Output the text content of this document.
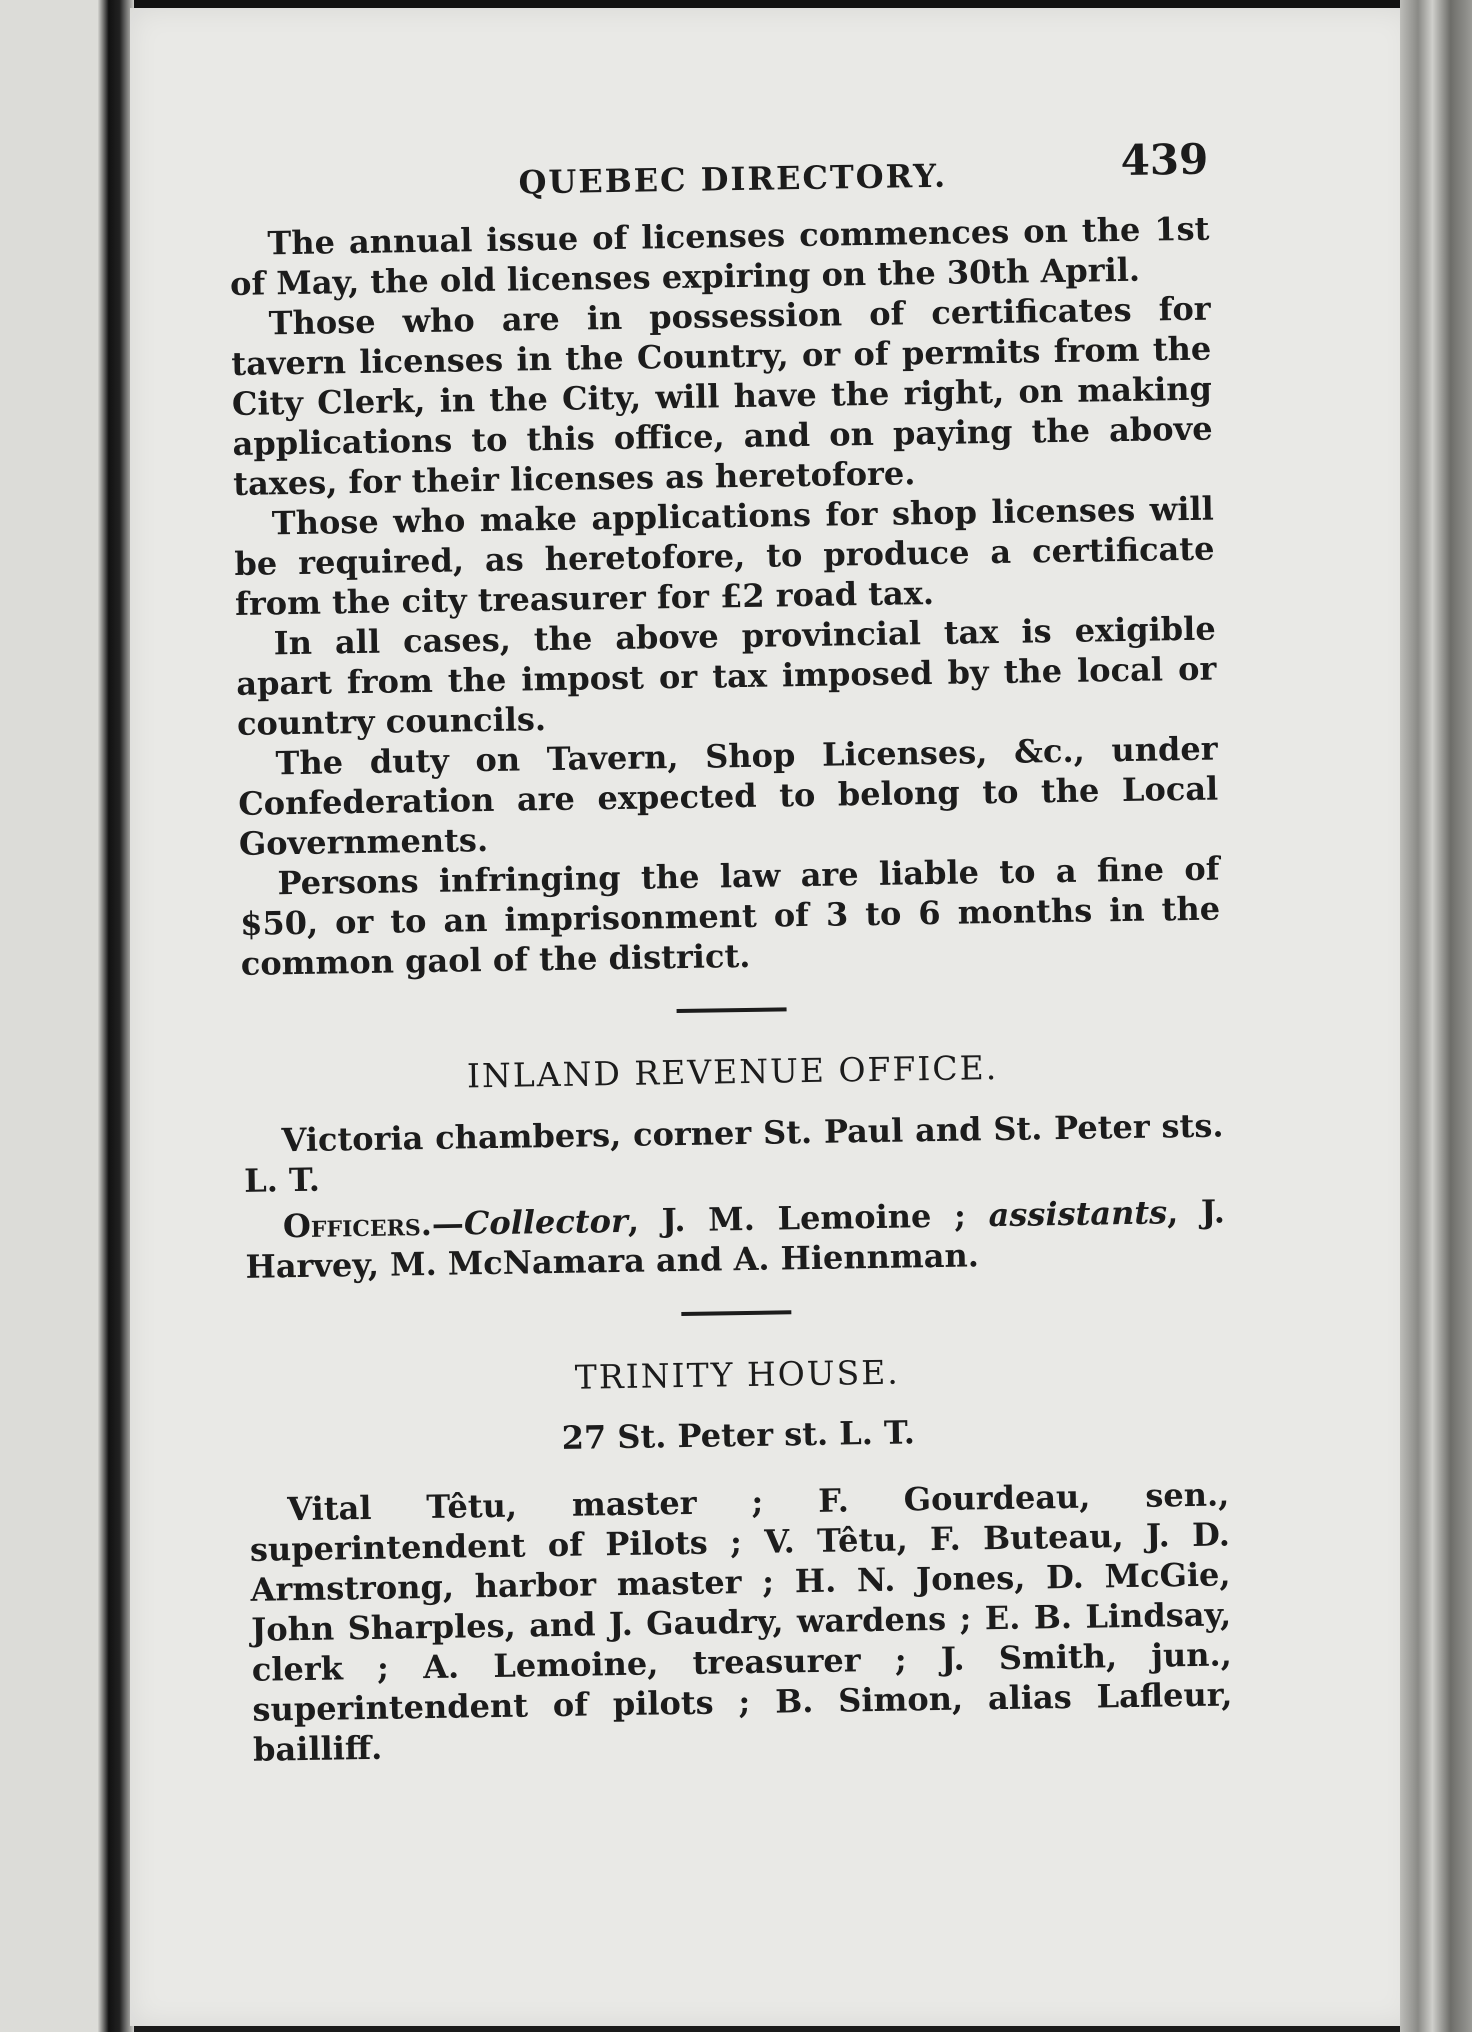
QUEBEC DIRECTORY.	439

The annual issue of licenses commences on the 1st of May, the old licenses expiring on the 30th April.

Those who are in possession of certificates for tavern licenses in the Country, or of permits from the City Clerk, in the City, will have the right, on making applications to this office, and on paying the above taxes, for their licenses as heretofore.

Those who make applications for shop licenses will be required, as heretofore, to produce a certificate from the city treasurer for £2 road tax.

In all cases, the above provincial tax is exigible apart from the impost or tax imposed by the local or country councils.

The duty on Tavern, Shop Licenses, &c., under Confederation are expected to belong to the Local Governments.

Persons infringing the law are liable to a fine of $50, or to an imprisonment of 3 to 6 months in the common gaol of the district.

INLAND REVENUE OFFICE.

Victoria chambers, corner St. Paul and St. Peter sts. L. T.

Officers.—Collector, J. M. Lemoine ; assistants, J. Harvey, M. McNamara and A. Hiennman.

TRINITY HOUSE.
27 St. Peter st. L. T.

Vital Têtu, master ; F. Gourdeau, sen., superintendent of Pilots ; V. Têtu, F. Buteau, J. D. Armstrong, harbor master ; H. N. Jones, D. McGie, John Sharples, and J. Gaudry, wardens ; E. B. Lindsay, clerk ; A. Lemoine, treasurer ; J. Smith, jun., superintendent of pilots ; B. Simon, alias Lafleur, bailliff.
